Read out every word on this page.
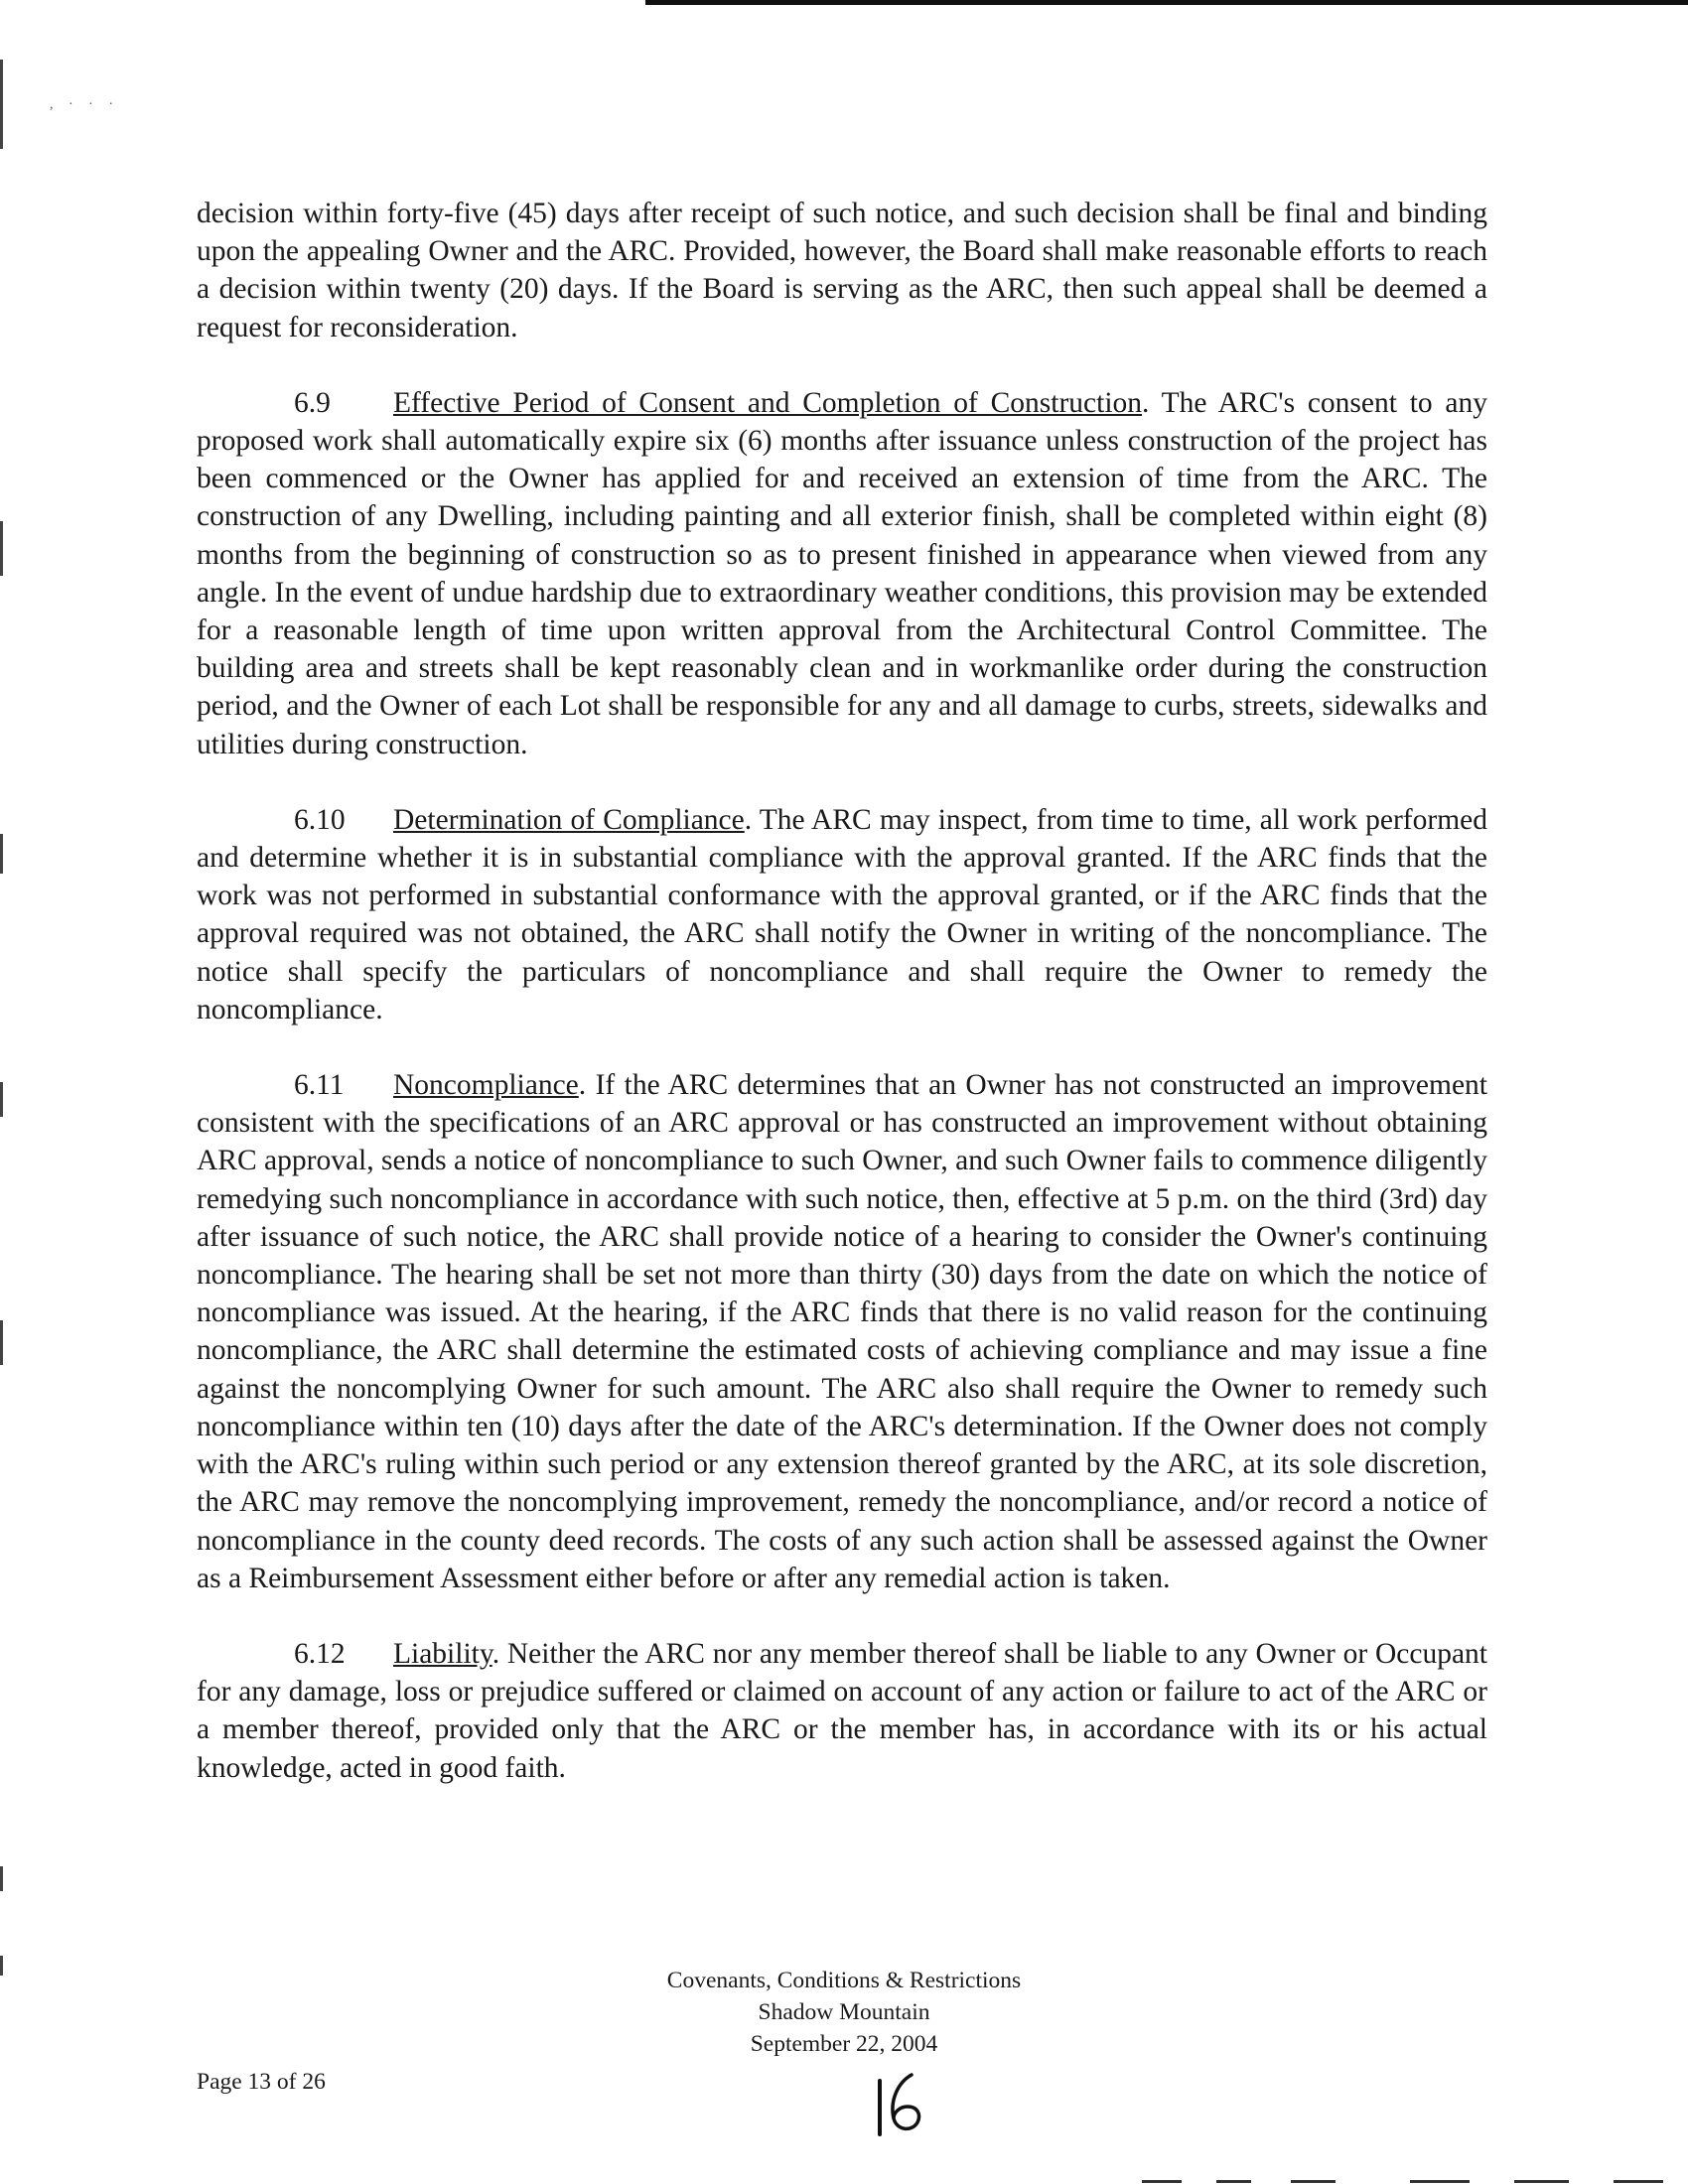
, · · ·

decision within forty-five (45) days after receipt of such notice, and such decision shall be final and binding upon the appealing Owner and the ARC. Provided, however, the Board shall make reasonable efforts to reach a decision within twenty (20) days. If the Board is serving as the ARC, then such appeal shall be deemed a request for reconsideration.

6.9 Effective Period of Consent and Completion of Construction. The ARC's consent to any proposed work shall automatically expire six (6) months after issuance unless construction of the project has been commenced or the Owner has applied for and received an extension of time from the ARC. The construction of any Dwelling, including painting and all exterior finish, shall be completed within eight (8) months from the beginning of construction so as to present finished in appearance when viewed from any angle. In the event of undue hardship due to extraordinary weather conditions, this provision may be extended for a reasonable length of time upon written approval from the Architectural Control Committee. The building area and streets shall be kept reasonably clean and in workmanlike order during the construction period, and the Owner of each Lot shall be responsible for any and all damage to curbs, streets, sidewalks and utilities during construction.

6.10 Determination of Compliance. The ARC may inspect, from time to time, all work performed and determine whether it is in substantial compliance with the approval granted. If the ARC finds that the work was not performed in substantial conformance with the approval granted, or if the ARC finds that the approval required was not obtained, the ARC shall notify the Owner in writing of the noncompliance. The notice shall specify the particulars of noncompliance and shall require the Owner to remedy the noncompliance.

6.11 Noncompliance. If the ARC determines that an Owner has not constructed an improvement consistent with the specifications of an ARC approval or has constructed an improvement without obtaining ARC approval, sends a notice of noncompliance to such Owner, and such Owner fails to commence diligently remedying such noncompliance in accordance with such notice, then, effective at 5 p.m. on the third (3rd) day after issuance of such notice, the ARC shall provide notice of a hearing to consider the Owner's continuing noncompliance. The hearing shall be set not more than thirty (30) days from the date on which the notice of noncompliance was issued. At the hearing, if the ARC finds that there is no valid reason for the continuing noncompliance, the ARC shall determine the estimated costs of achieving compliance and may issue a fine against the noncomplying Owner for such amount. The ARC also shall require the Owner to remedy such noncompliance within ten (10) days after the date of the ARC's determination. If the Owner does not comply with the ARC's ruling within such period or any extension thereof granted by the ARC, at its sole discretion, the ARC may remove the noncomplying improvement, remedy the noncompliance, and/or record a notice of noncompliance in the county deed records. The costs of any such action shall be assessed against the Owner as a Reimbursement Assessment either before or after any remedial action is taken.

6.12 Liability. Neither the ARC nor any member thereof shall be liable to any Owner or Occupant for any damage, loss or prejudice suffered or claimed on account of any action or failure to act of the ARC or a member thereof, provided only that the ARC or the member has, in accordance with its or his actual knowledge, acted in good faith.

Covenants, Conditions & Restrictions
Shadow Mountain
September 22, 2004
Page 13 of 26
